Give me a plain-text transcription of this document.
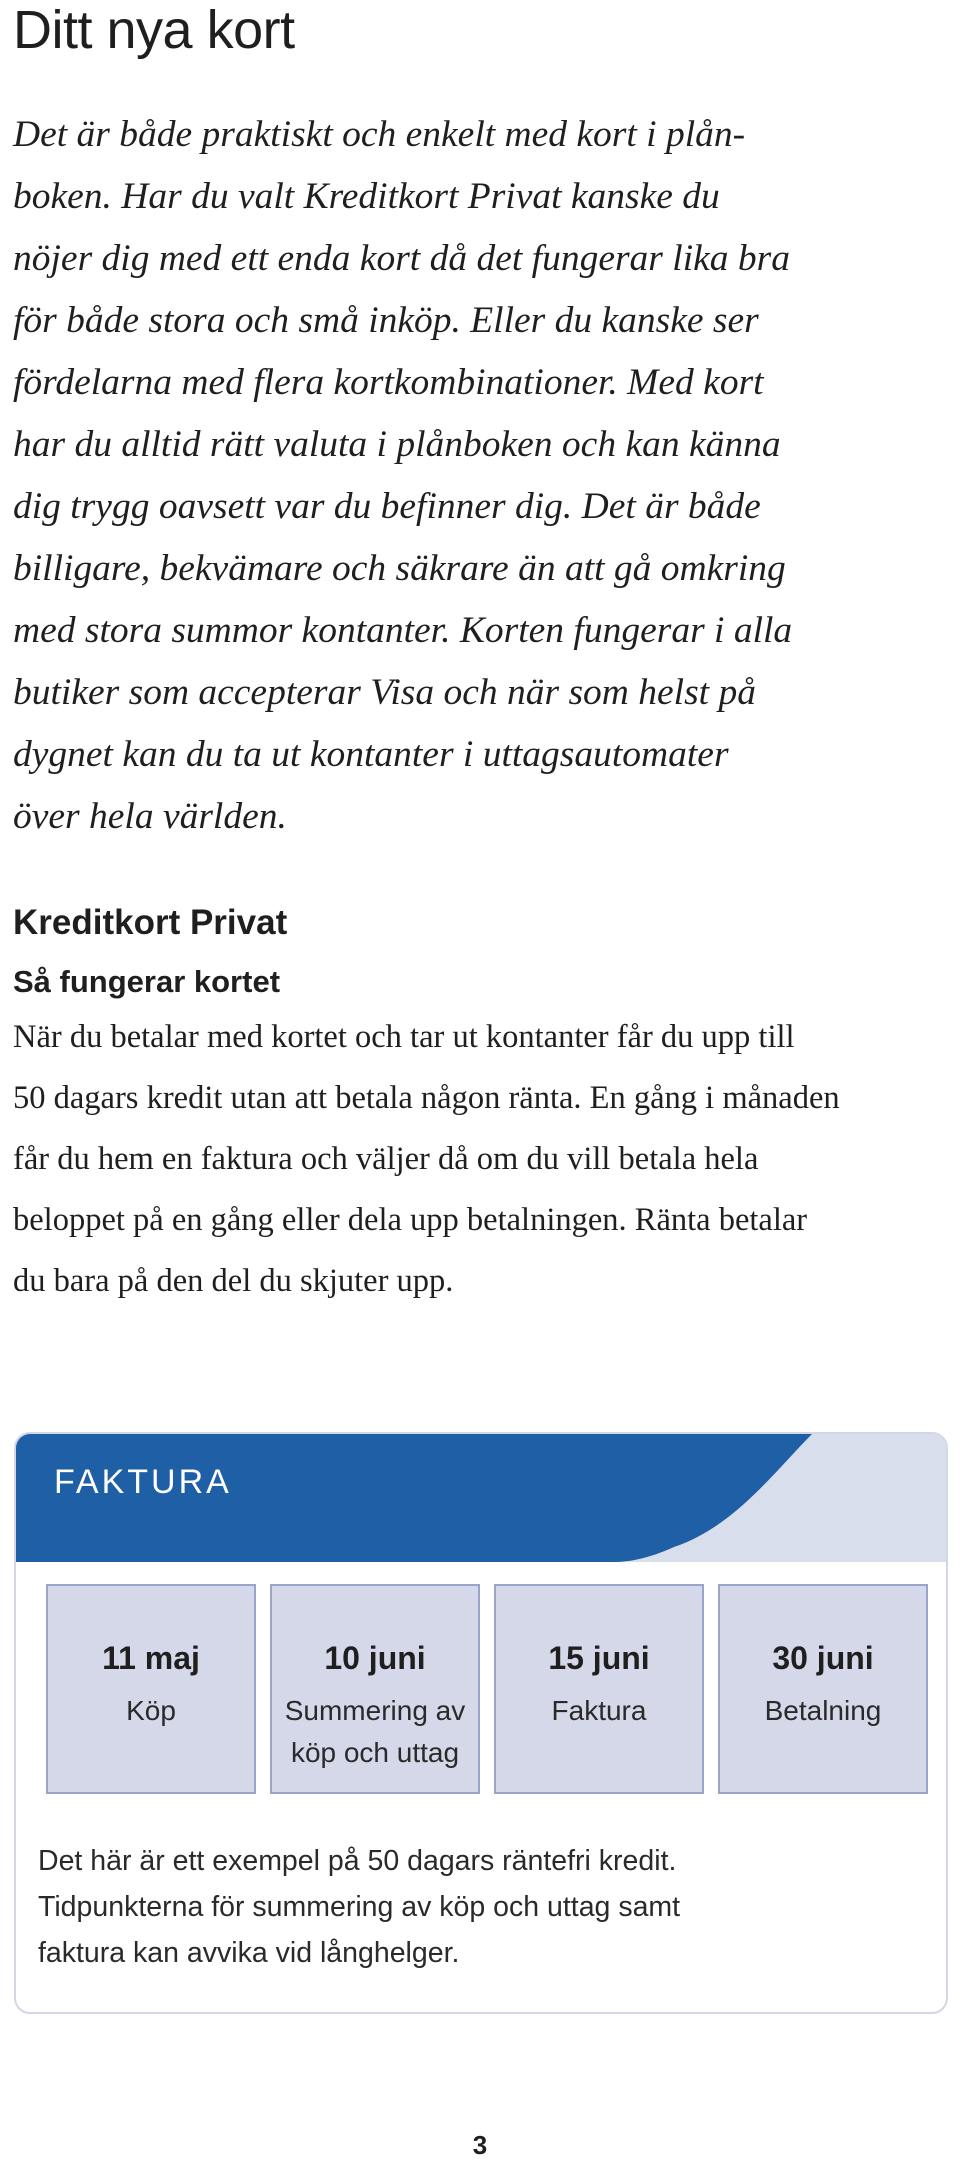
Ditt nya kort
Det är både praktiskt och enkelt med kort i plån-
boken. Har du valt Kreditkort Privat kanske du
nöjer dig med ett enda kort då det fungerar lika bra
för både stora och små inköp. Eller du kanske ser
fördelarna med flera kortkombinationer. Med kort
har du alltid rätt valuta i plånboken och kan känna
dig trygg oavsett var du befinner dig. Det är både
billigare, bekvämare och säkrare än att gå omkring
med stora summor kontanter. Korten fungerar i alla
butiker som accepterar Visa och när som helst på
dygnet kan du ta ut kontanter i uttagsautomater
över hela världen.
Kreditkort Privat
Så fungerar kortet
När du betalar med kortet och tar ut kontanter får du upp till
50 dagars kredit utan att betala någon ränta. En gång i månaden
får du hem en faktura och väljer då om du vill betala hela
beloppet på en gång eller dela upp betalningen. Ränta betalar
du bara på den del du skjuter upp.
FAKTURA
11 maj
Köp
10 juni
Summering av köp och uttag
15 juni
Faktura
30 juni
Betalning
Det här är ett exempel på 50 dagars räntefri kredit.
Tidpunkterna för summering av köp och uttag samt
faktura kan avvika vid långhelger.

3
